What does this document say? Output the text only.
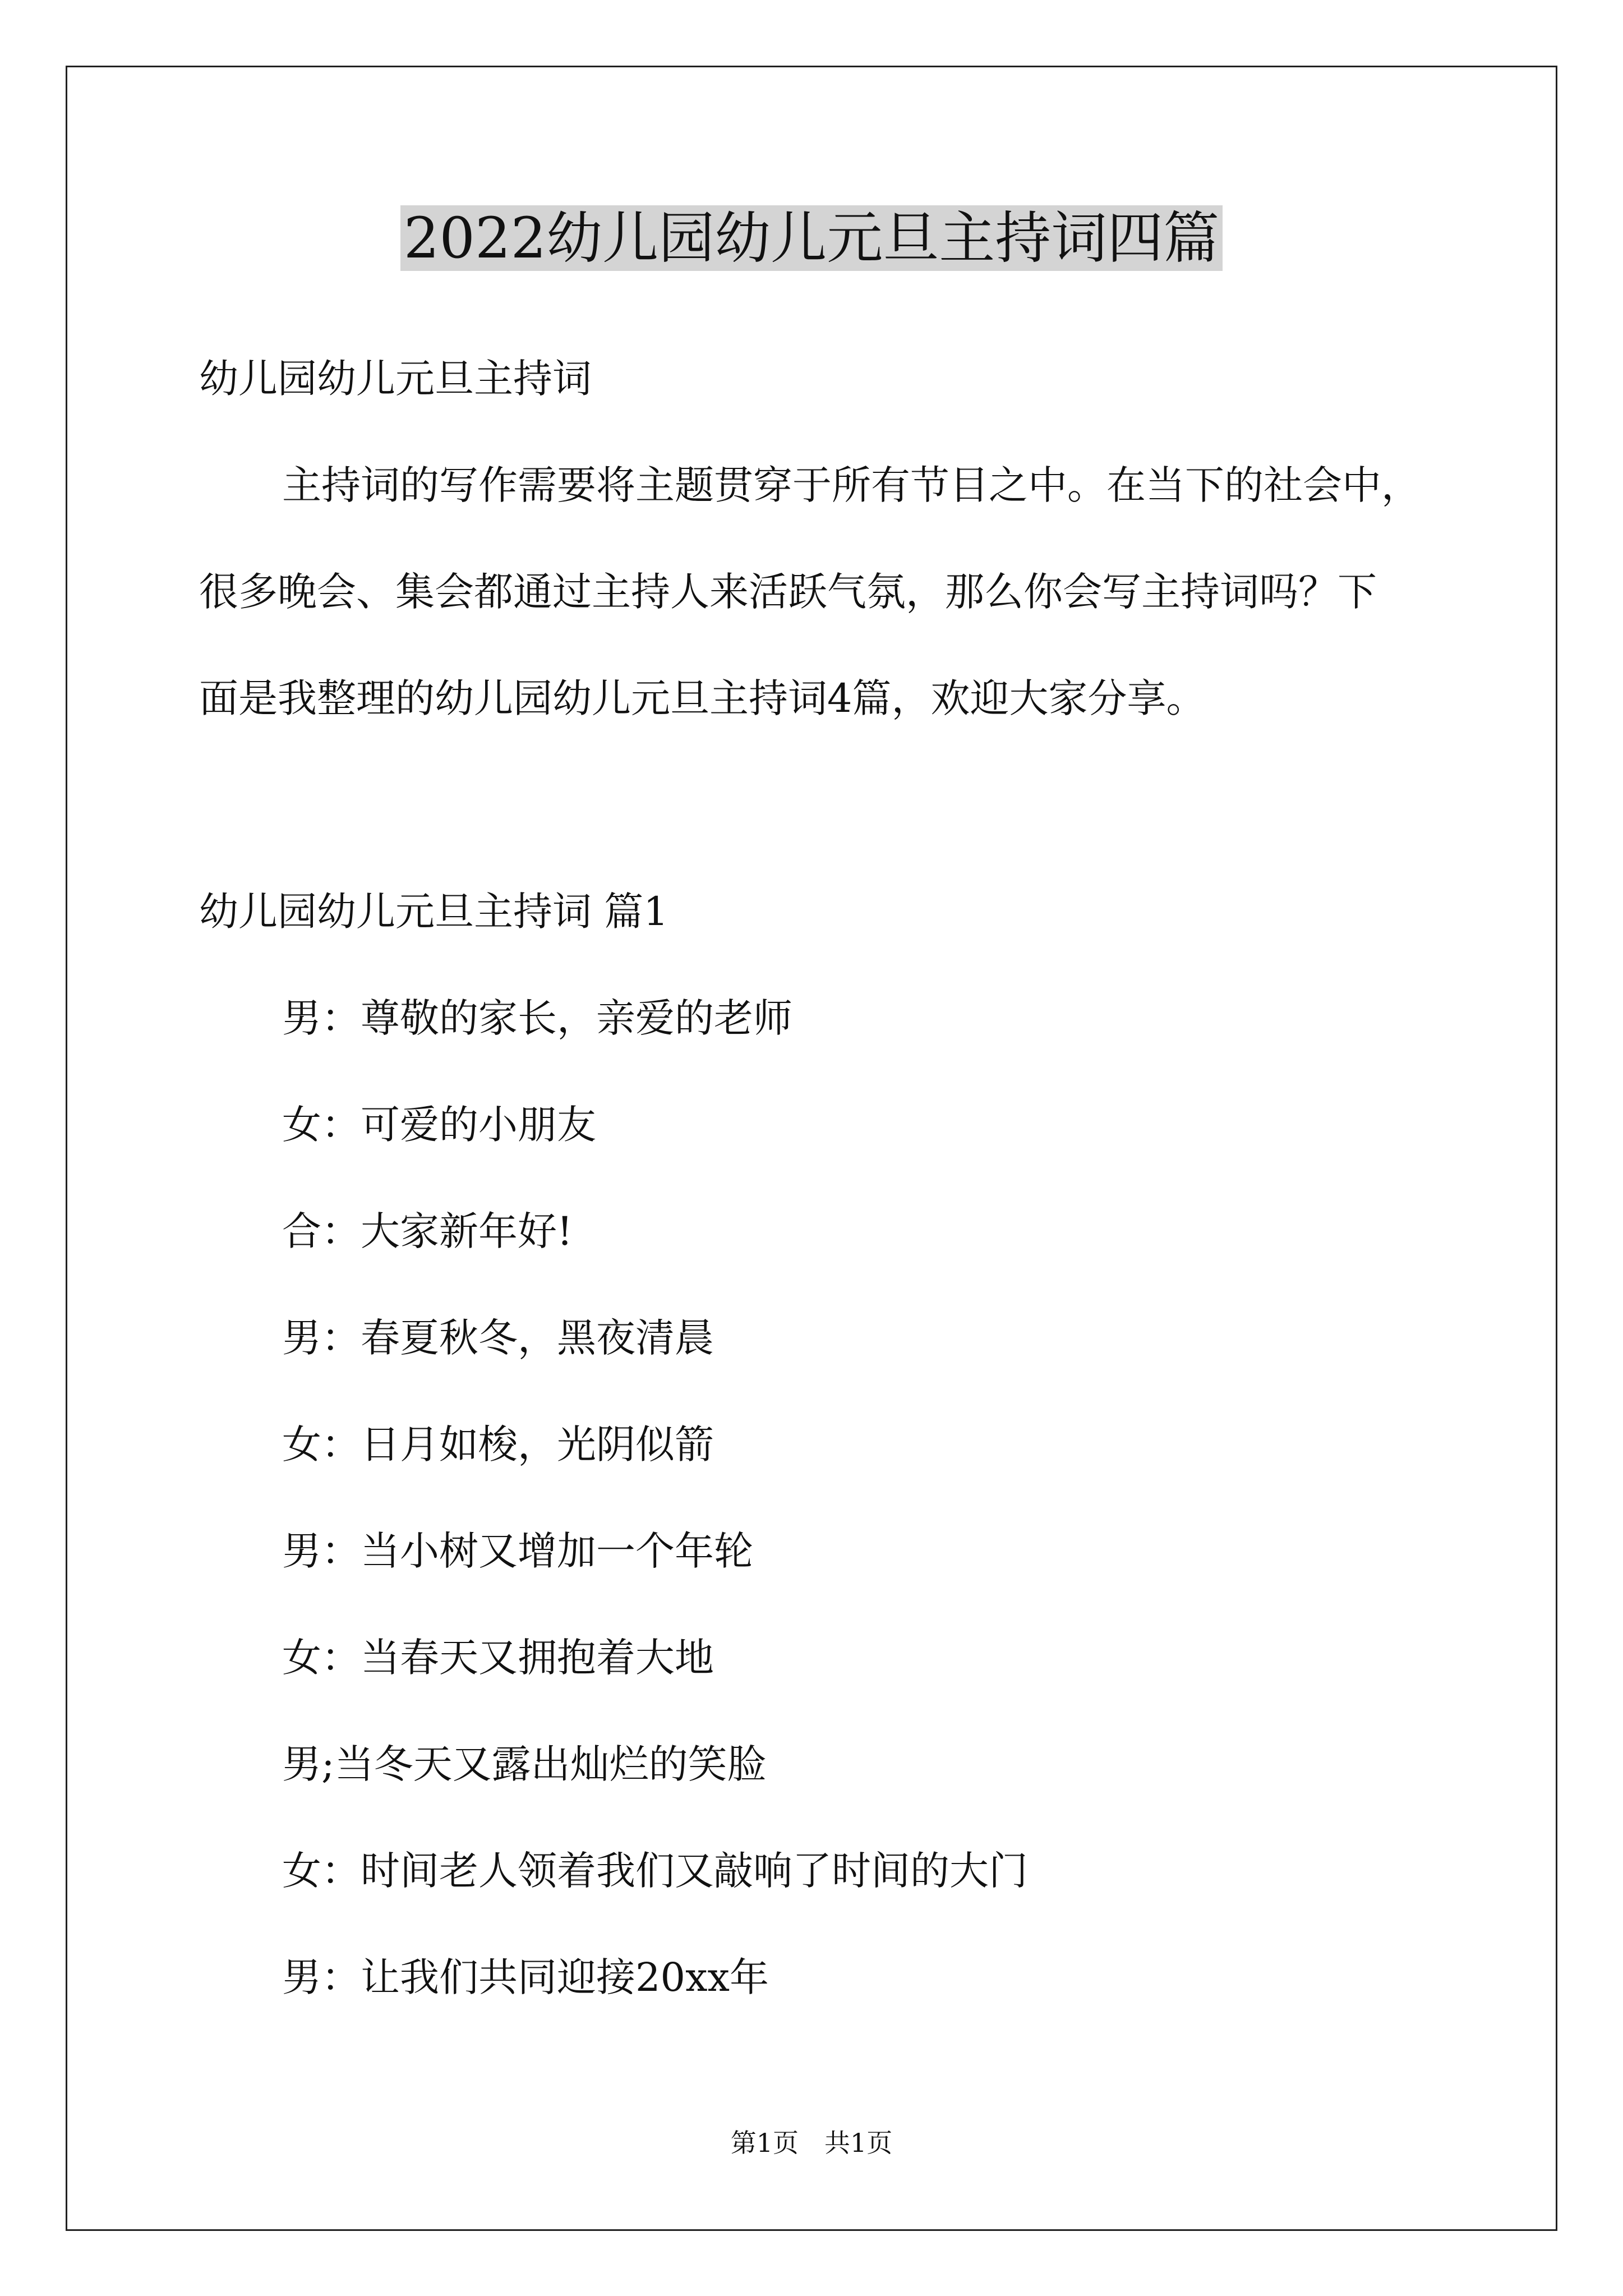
2022幼儿园幼儿元旦主持词四篇
幼儿园幼儿元旦主持词
主持词的写作需要将主题贯穿于所有节目之中。在当下的社会中，
很多晚会、集会都通过主持人来活跃气氛，那么你会写主持词吗？下
面是我整理的幼儿园幼儿元旦主持词4篇，欢迎大家分享。
幼儿园幼儿元旦主持词 篇1
男：尊敬的家长，亲爱的老师
女：可爱的小朋友
合：大家新年好!
男：春夏秋冬，黑夜清晨
女：日月如梭，光阴似箭
男：当小树又增加一个年轮
女：当春天又拥抱着大地
男;当冬天又露出灿烂的笑脸
女：时间老人领着我们又敲响了时间的大门
男：让我们共同迎接20xx年
第1页　共1页
